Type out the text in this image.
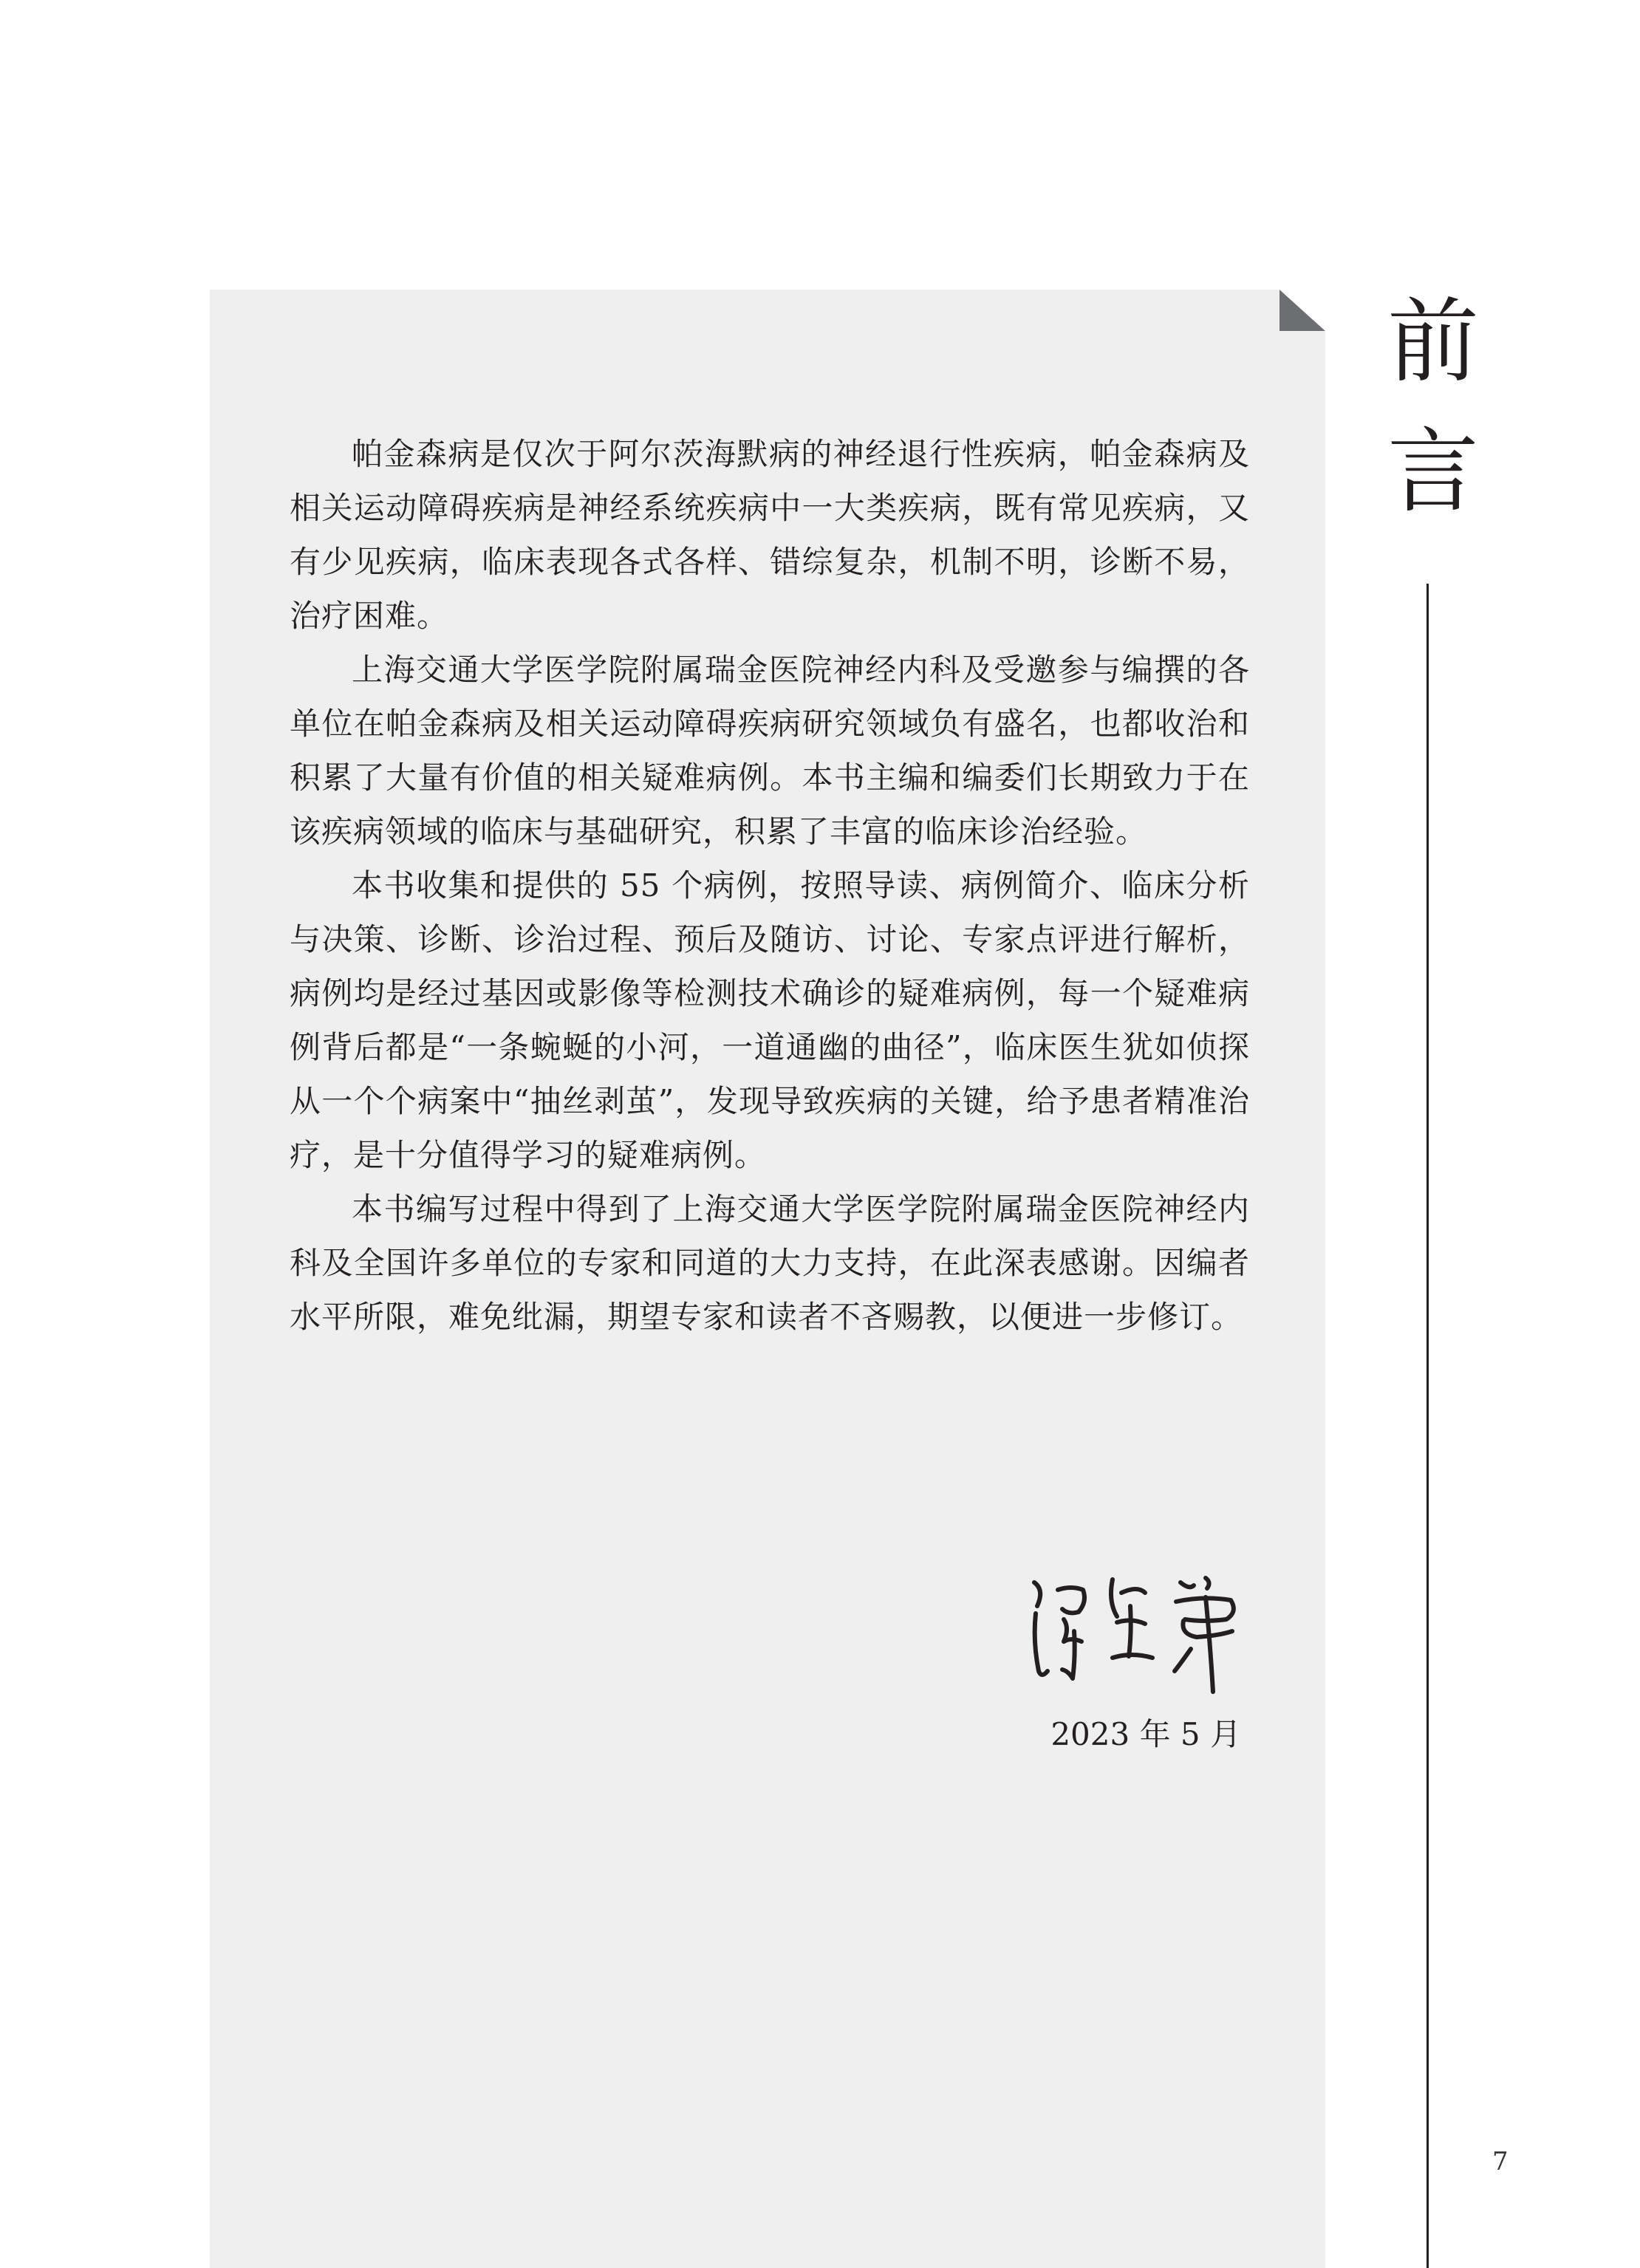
前
言

帕金森病是仅次于阿尔茨海默病的神经退行性疾病，帕金森病及相关运动障碍疾病是神经系统疾病中一大类疾病，既有常见疾病，又有少见疾病，临床表现各式各样、错综复杂，机制不明，诊断不易，治疗困难。

上海交通大学医学院附属瑞金医院神经内科及受邀参与编撰的各单位在帕金森病及相关运动障碍疾病研究领域负有盛名，也都收治和积累了大量有价值的相关疑难病例。本书主编和编委们长期致力于在该疾病领域的临床与基础研究，积累了丰富的临床诊治经验。

本书收集和提供的 55 个病例，按照导读、病例简介、临床分析与决策、诊断、诊治过程、预后及随访、讨论、专家点评进行解析，病例均是经过基因或影像等检测技术确诊的疑难病例，每一个疑难病例背后都是“一条蜿蜒的小河，一道通幽的曲径”，临床医生犹如侦探从一个个病案中“抽丝剥茧”，发现导致疾病的关键，给予患者精准治疗，是十分值得学习的疑难病例。

本书编写过程中得到了上海交通大学医学院附属瑞金医院神经内科及全国许多单位的专家和同道的大力支持，在此深表感谢。因编者水平所限，难免纰漏，期望专家和读者不吝赐教，以便进一步修订。

2023 年 5 月
7
